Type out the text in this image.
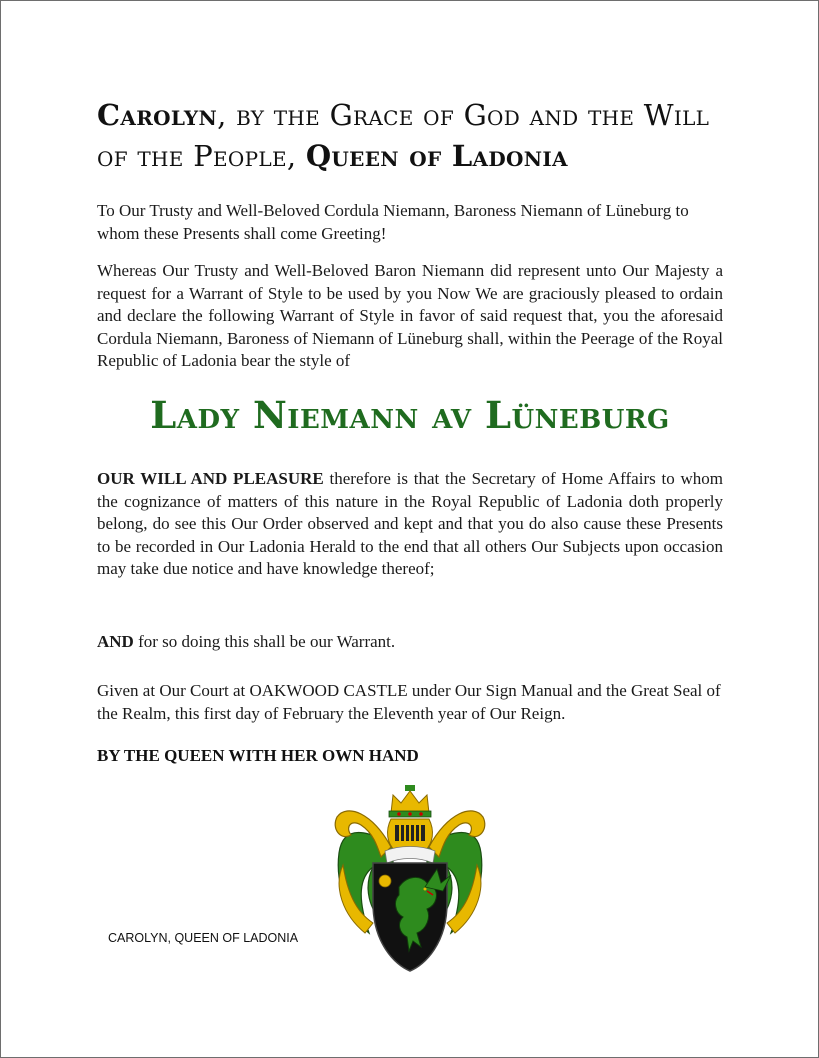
Carolyn, by the Grace of God and the Will of the People, Queen of Ladonia

To Our Trusty and Well-Beloved Cordula Niemann, Baroness Niemann of Lüneburg to whom these Presents shall come Greeting!

Whereas Our Trusty and Well-Beloved Baron Niemann did represent unto Our Majesty a request for a Warrant of Style to be used by you Now We are graciously pleased to ordain and declare the following Warrant of Style in favor of said request that, you the aforesaid Cordula Niemann, Baroness of Niemann of Lüneburg shall, within the Peerage of the Royal Republic of Ladonia bear the style of

Lady Niemann av Lüneburg

OUR WILL AND PLEASURE therefore is that the Secretary of Home Affairs to whom the cognizance of matters of this nature in the Royal Republic of Ladonia doth properly belong, do see this Our Order observed and kept and that you do also cause these Presents to be recorded in Our Ladonia Herald to the end that all others Our Subjects upon occasion may take due notice and have knowledge thereof;

AND for so doing this shall be our Warrant.

Given at Our Court at OAKWOOD CASTLE under Our Sign Manual and the Great Seal of the Realm, this first day of February the Eleventh year of Our Reign.

BY THE QUEEN WITH HER OWN HAND

CAROLYN, QUEEN OF LADONIA
